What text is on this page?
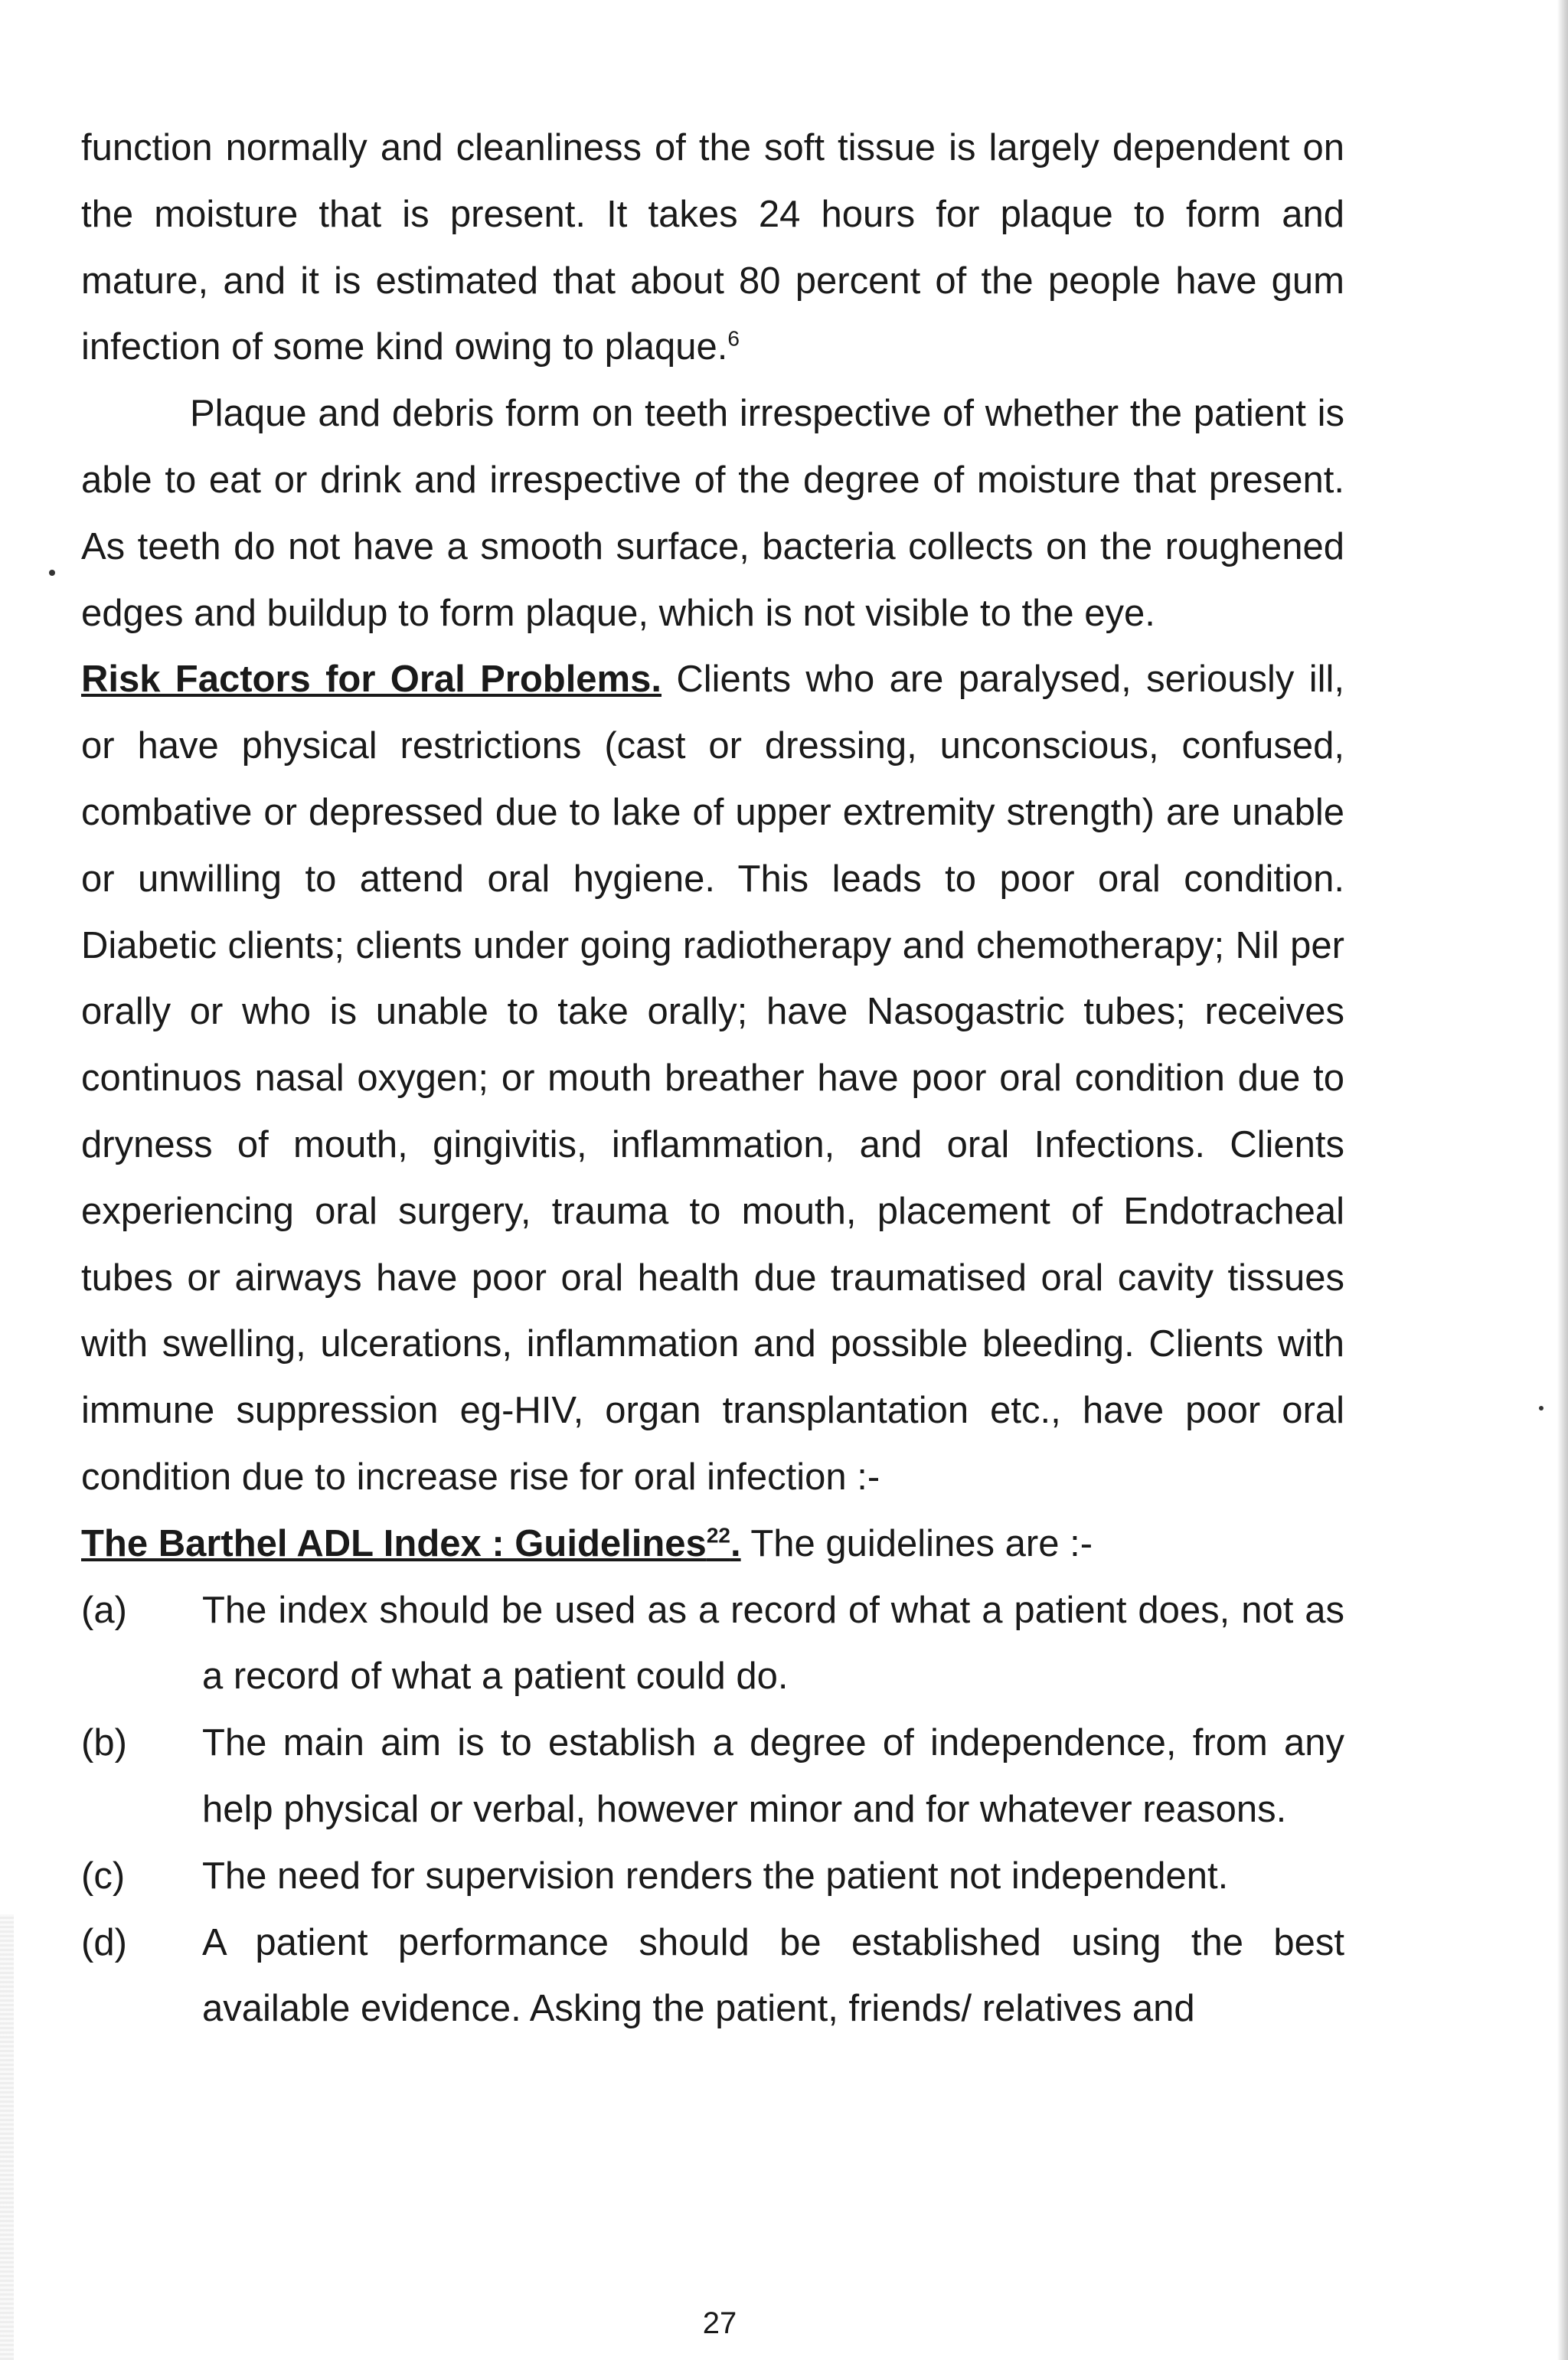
function normally and cleanliness of the soft tissue is largely dependent on the moisture that is present. It takes 24 hours for plaque to form and mature, and it is estimated that about 80 percent of the people have gum infection of some kind owing to plaque.$^6$

Plaque and debris form on teeth irrespective of whether the patient is able to eat or drink and irrespective of the degree of moisture that present. As teeth do not have a smooth surface, bacteria collects on the roughened edges and buildup to form plaque, which is not visible to the eye.

Risk Factors for Oral Problems. Clients who are paralysed, seriously ill, or have physical restrictions (cast or dressing, unconscious, confused, combative or depressed due to lake of upper extremity strength) are unable or unwilling to attend oral hygiene. This leads to poor oral condition. Diabetic clients; clients under going radiotherapy and chemotherapy; Nil per orally or who is unable to take orally; have Nasogastric tubes; receives continuos nasal oxygen; or mouth breather have poor oral condition due to dryness of mouth, gingivitis, inflammation, and oral Infections. Clients experiencing oral surgery, trauma to mouth, placement of Endotracheal tubes or airways have poor oral health due traumatised oral cavity tissues with swelling, ulcerations, inflammation and possible bleeding. Clients with immune suppression eg-HIV, organ transplantation etc., have poor oral condition due to increase rise for oral infection :-

The Barthel ADL Index : Guidelines$^{22}$. The guidelines are :-

(a)	The index should be used as a record of what a patient does, not as a record of what a patient could do.
(b)	The main aim is to establish a degree of independence, from any help physical or verbal, however minor and for whatever reasons.
(c)	The need for supervision renders the patient not independent.
(d)	A patient performance should be established using the best available evidence. Asking the patient, friends/ relatives and
27
